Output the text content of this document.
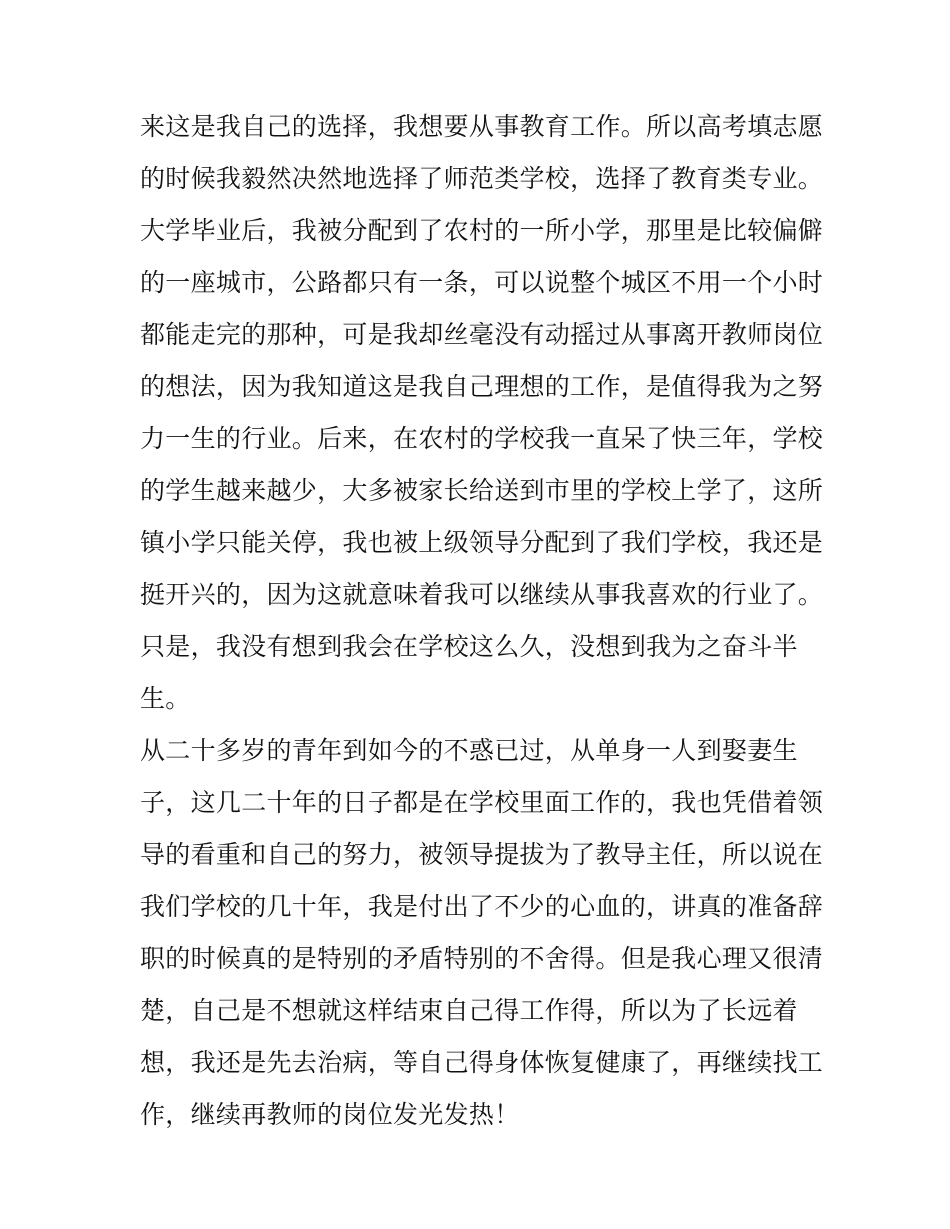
来这是我自己的选择，我想要从事教育工作。所以高考填志愿
的时候我毅然决然地选择了师范类学校，选择了教育类专业。
大学毕业后，我被分配到了农村的一所小学，那里是比较偏僻
的一座城市，公路都只有一条，可以说整个城区不用一个小时
都能走完的那种，可是我却丝毫没有动摇过从事离开教师岗位
的想法，因为我知道这是我自己理想的工作，是值得我为之努
力一生的行业。后来，在农村的学校我一直呆了快三年，学校
的学生越来越少，大多被家长给送到市里的学校上学了，这所
镇小学只能关停，我也被上级领导分配到了我们学校，我还是
挺开兴的，因为这就意味着我可以继续从事我喜欢的行业了。
只是，我没有想到我会在学校这么久，没想到我为之奋斗半
生。
从二十多岁的青年到如今的不惑已过，从单身一人到娶妻生
子，这几二十年的日子都是在学校里面工作的，我也凭借着领
导的看重和自己的努力，被领导提拔为了教导主任，所以说在
我们学校的几十年，我是付出了不少的心血的，讲真的准备辞
职的时候真的是特别的矛盾特别的不舍得。但是我心理又很清
楚，自己是不想就这样结束自己得工作得，所以为了长远着
想，我还是先去治病，等自己得身体恢复健康了，再继续找工
作，继续再教师的岗位发光发热！
